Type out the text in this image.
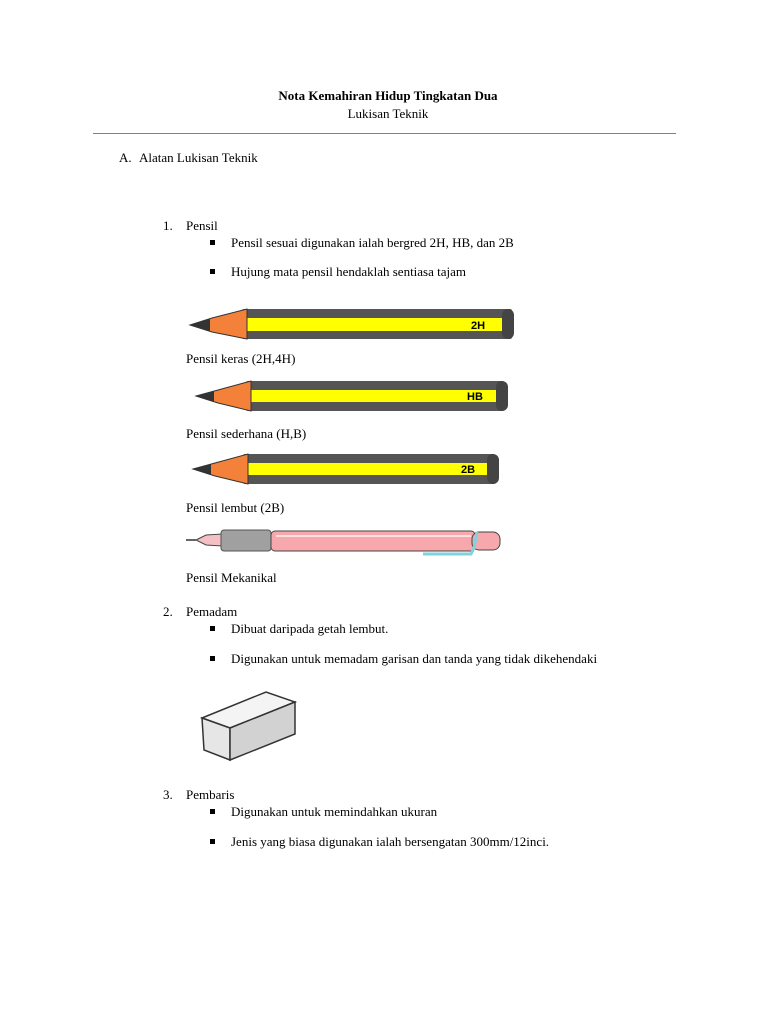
Nota Kemahiran Hidup Tingkatan Dua
Lukisan Teknik
A. Alatan Lukisan Teknik
1. Pensil
Pensil sesuai digunakan ialah bergred 2H, HB, dan 2B
Hujung mata pensil hendaklah sentiasa tajam
2H
Pensil keras (2H,4H)
HB
Pensil sederhana (H,B)
2B
Pensil lembut (2B)
Pensil Mekanikal
2. Pemadam
Dibuat daripada getah lembut.
Digunakan untuk memadam garisan dan tanda yang tidak dikehendaki
3. Pembaris
Digunakan untuk memindahkan ukuran
Jenis yang biasa digunakan ialah bersengatan 300mm/12inci.
